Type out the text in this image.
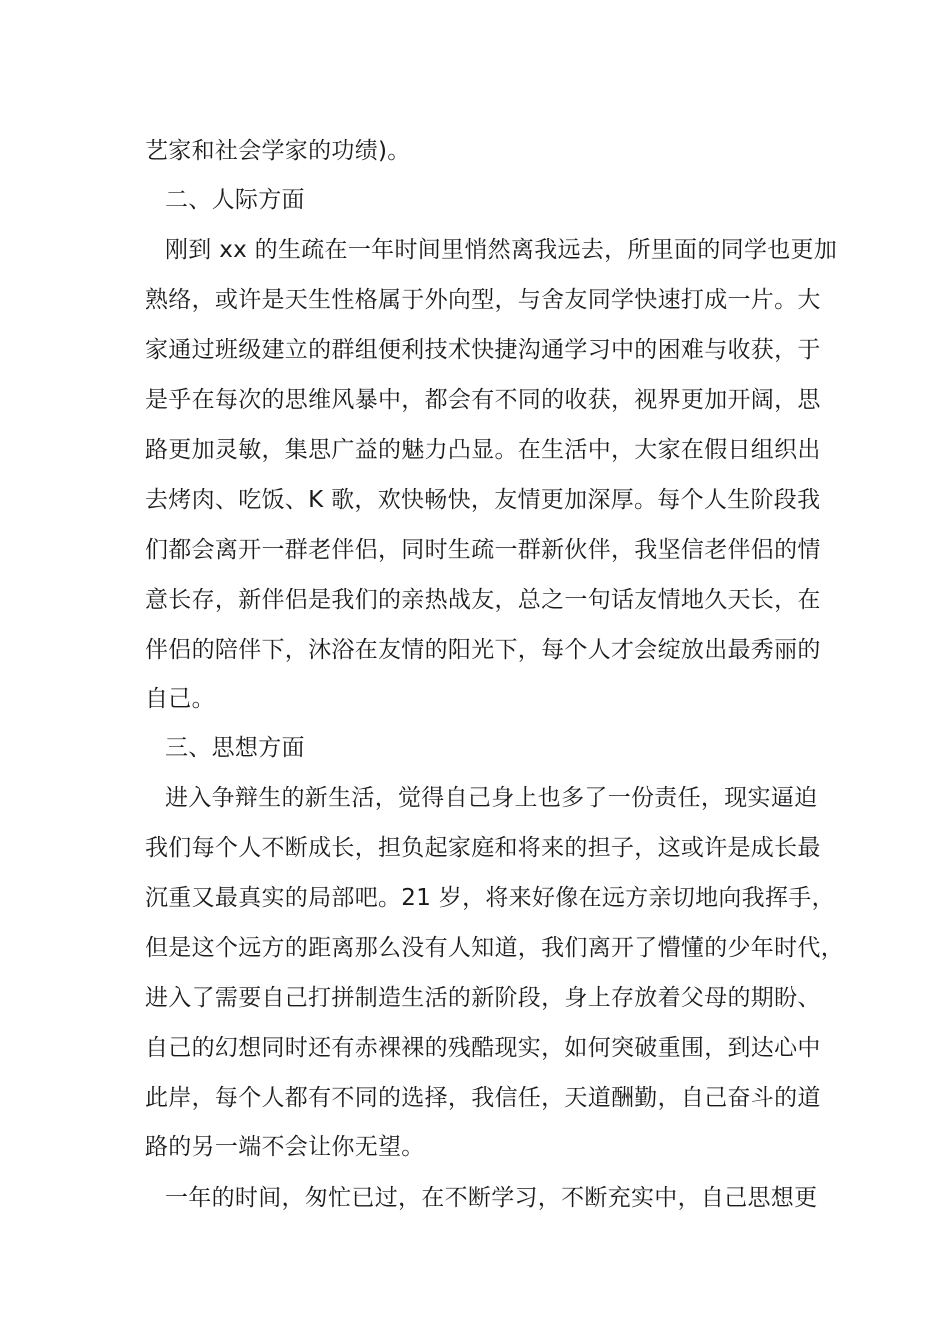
艺家和社会学家的功绩)。
二、人际方面
刚到 xx 的生疏在一年时间里悄然离我远去，所里面的同学也更加
熟络，或许是天生性格属于外向型，与舍友同学快速打成一片。大
家通过班级建立的群组便利技术快捷沟通学习中的困难与收获，于
是乎在每次的思维风暴中，都会有不同的收获，视界更加开阔，思
路更加灵敏，集思广益的魅力凸显。在生活中，大家在假日组织出
去烤肉、吃饭、K 歌，欢快畅快，友情更加深厚。每个人生阶段我
们都会离开一群老伴侣，同时生疏一群新伙伴，我坚信老伴侣的情
意长存，新伴侣是我们的亲热战友，总之一句话友情地久天长，在
伴侣的陪伴下，沐浴在友情的阳光下，每个人才会绽放出最秀丽的
自己。
三、思想方面
进入争辩生的新生活，觉得自己身上也多了一份责任，现实逼迫
我们每个人不断成长，担负起家庭和将来的担子，这或许是成长最
沉重又最真实的局部吧。21 岁，将来好像在远方亲切地向我挥手，
但是这个远方的距离那么没有人知道，我们离开了懵懂的少年时代，
进入了需要自己打拼制造生活的新阶段，身上存放着父母的期盼、
自己的幻想同时还有赤裸裸的残酷现实，如何突破重围，到达心中
此岸，每个人都有不同的选择，我信任，天道酬勤，自己奋斗的道
路的另一端不会让你无望。
一年的时间，匆忙已过，在不断学习，不断充实中，自己思想更
